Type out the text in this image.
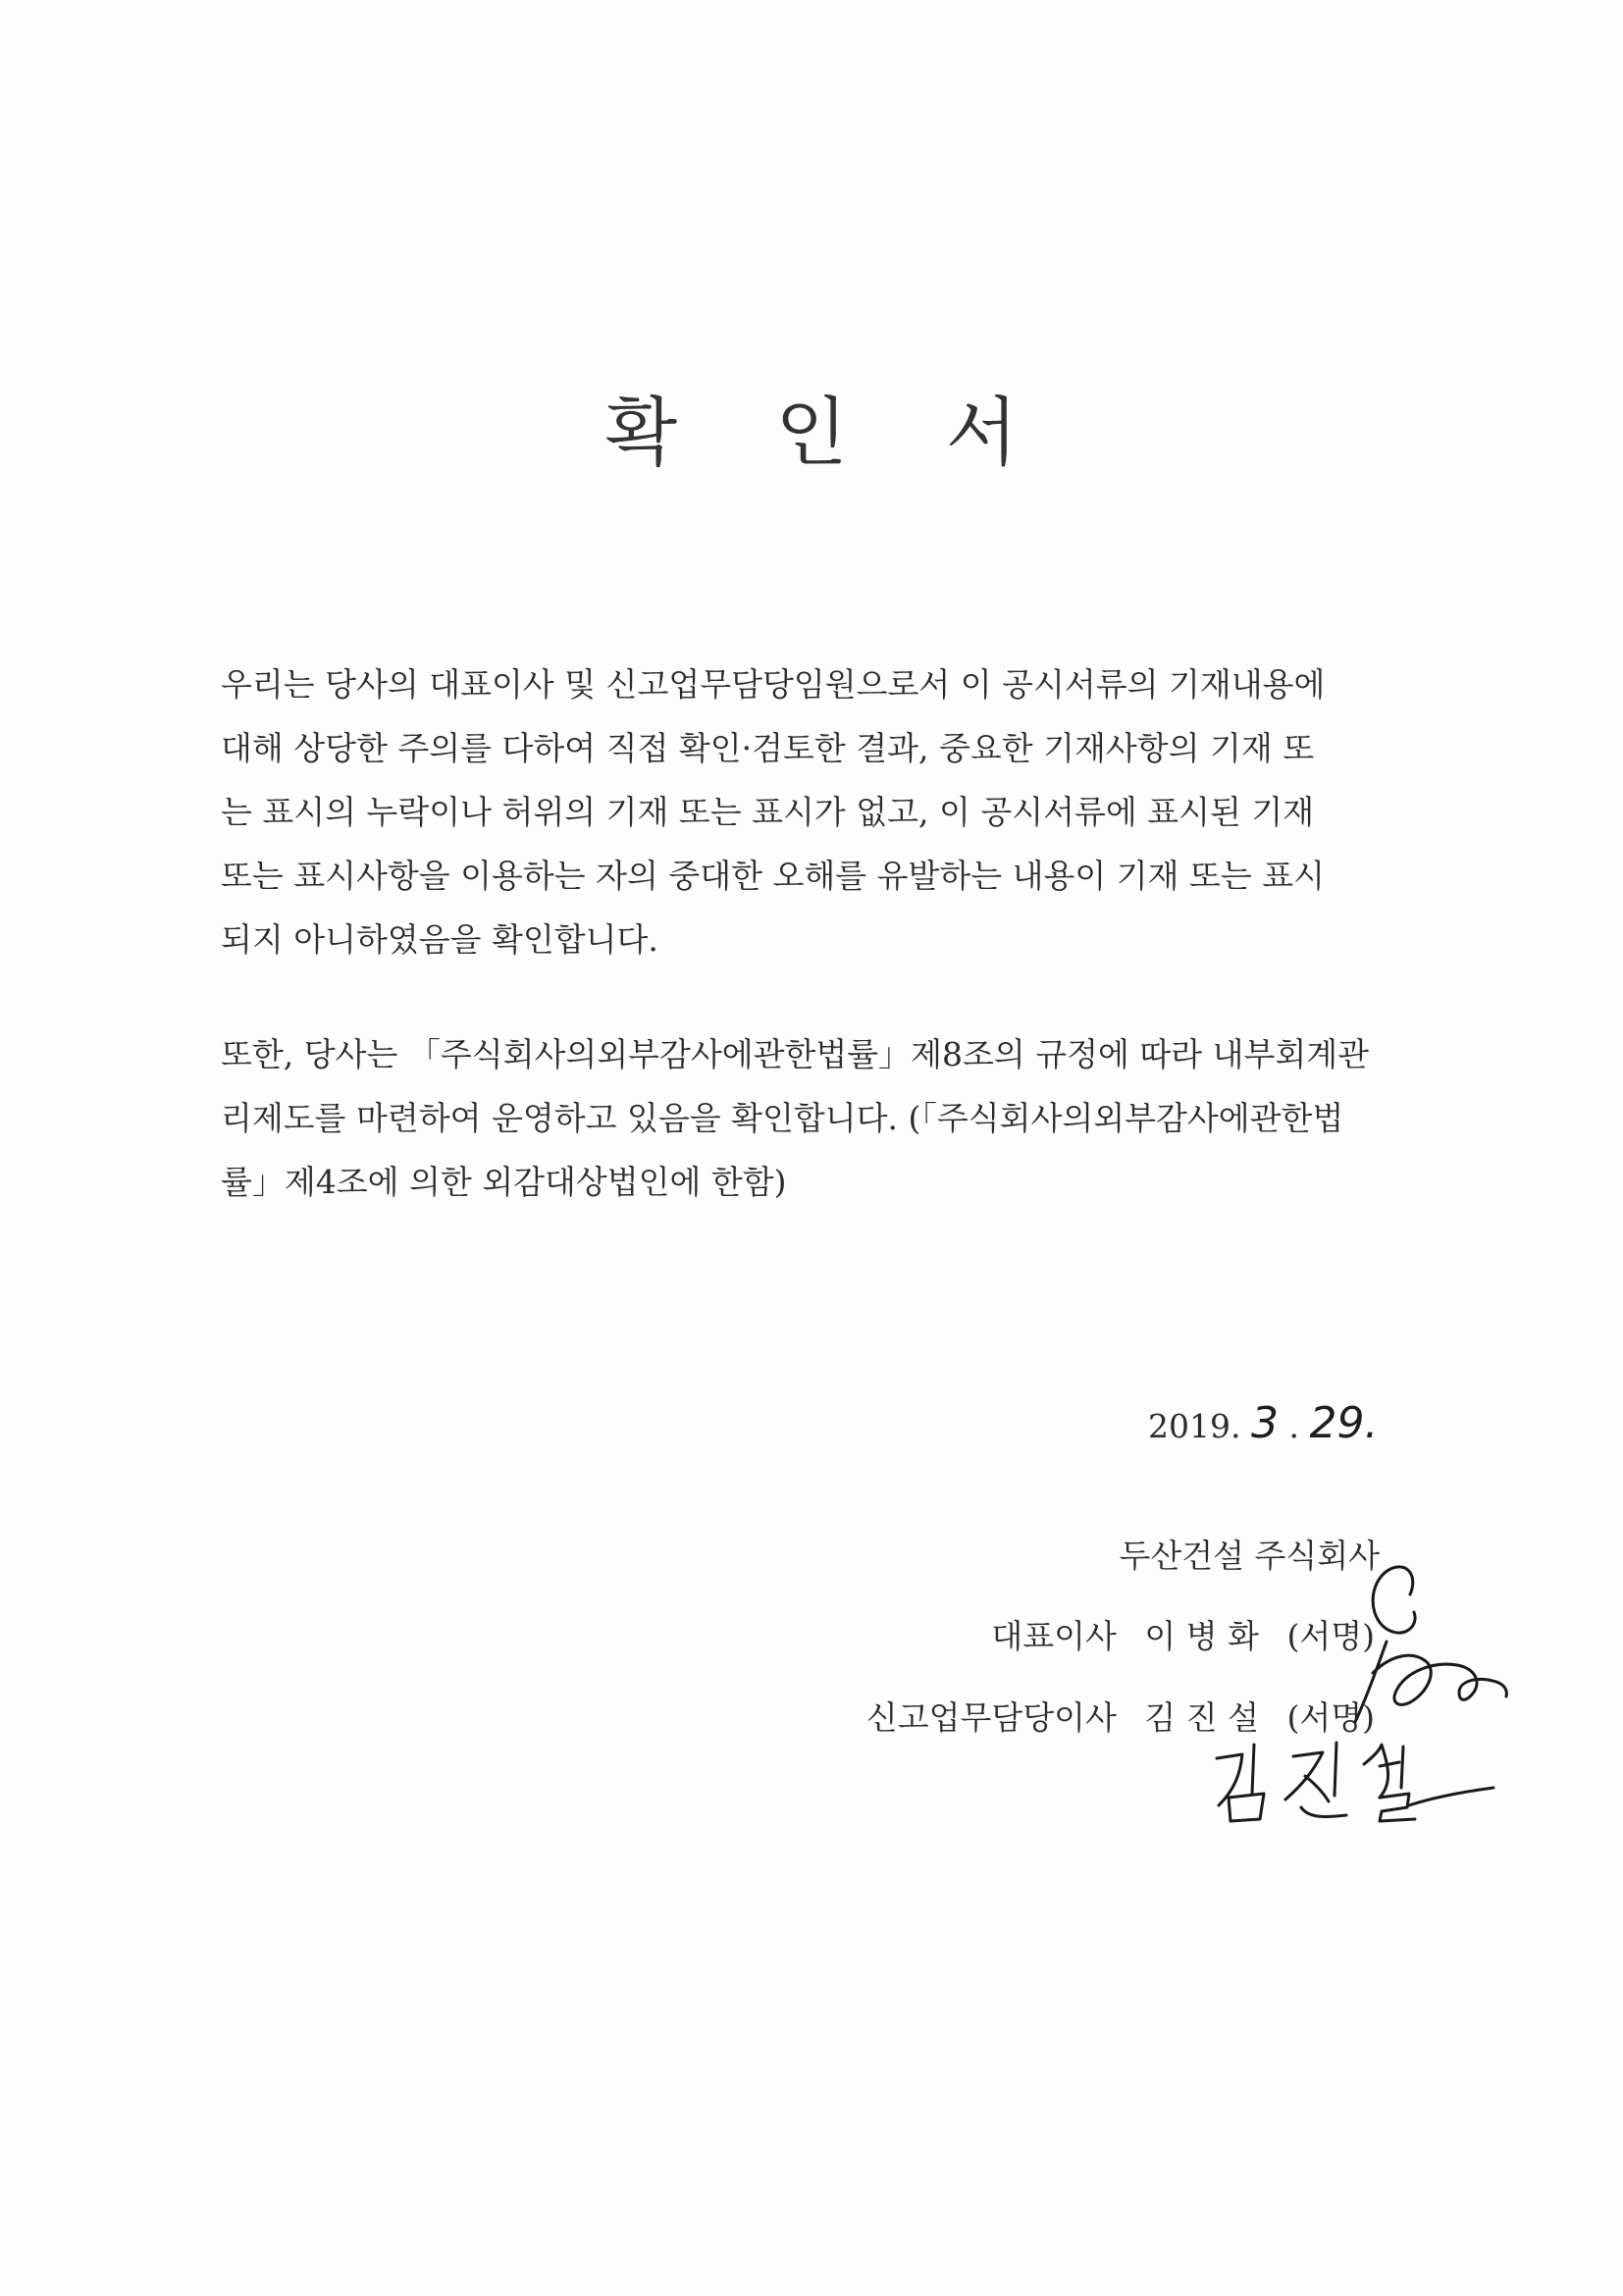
확 인 서
우리는 당사의 대표이사 및 신고업무담당임원으로서 이 공시서류의 기재내용에
대해 상당한 주의를 다하여 직접 확인·검토한 결과, 중요한 기재사항의 기재 또
는 표시의 누락이나 허위의 기재 또는 표시가 없고, 이 공시서류에 표시된 기재
또는 표시사항을 이용하는 자의 중대한 오해를 유발하는 내용이 기재 또는 표시
되지 아니하였음을 확인합니다.
또한, 당사는 「주식회사의외부감사에관한법률」제8조의 규정에 따라 내부회계관
리제도를 마련하여 운영하고 있음을 확인합니다. (「주식회사의외부감사에관한법
률」제4조에 의한 외감대상법인에 한함)
2019. 3 . 29.
두산건설 주식회사
대표이사 이 병 화 (서명)
신고업무담당이사 김 진 설 (서명)
